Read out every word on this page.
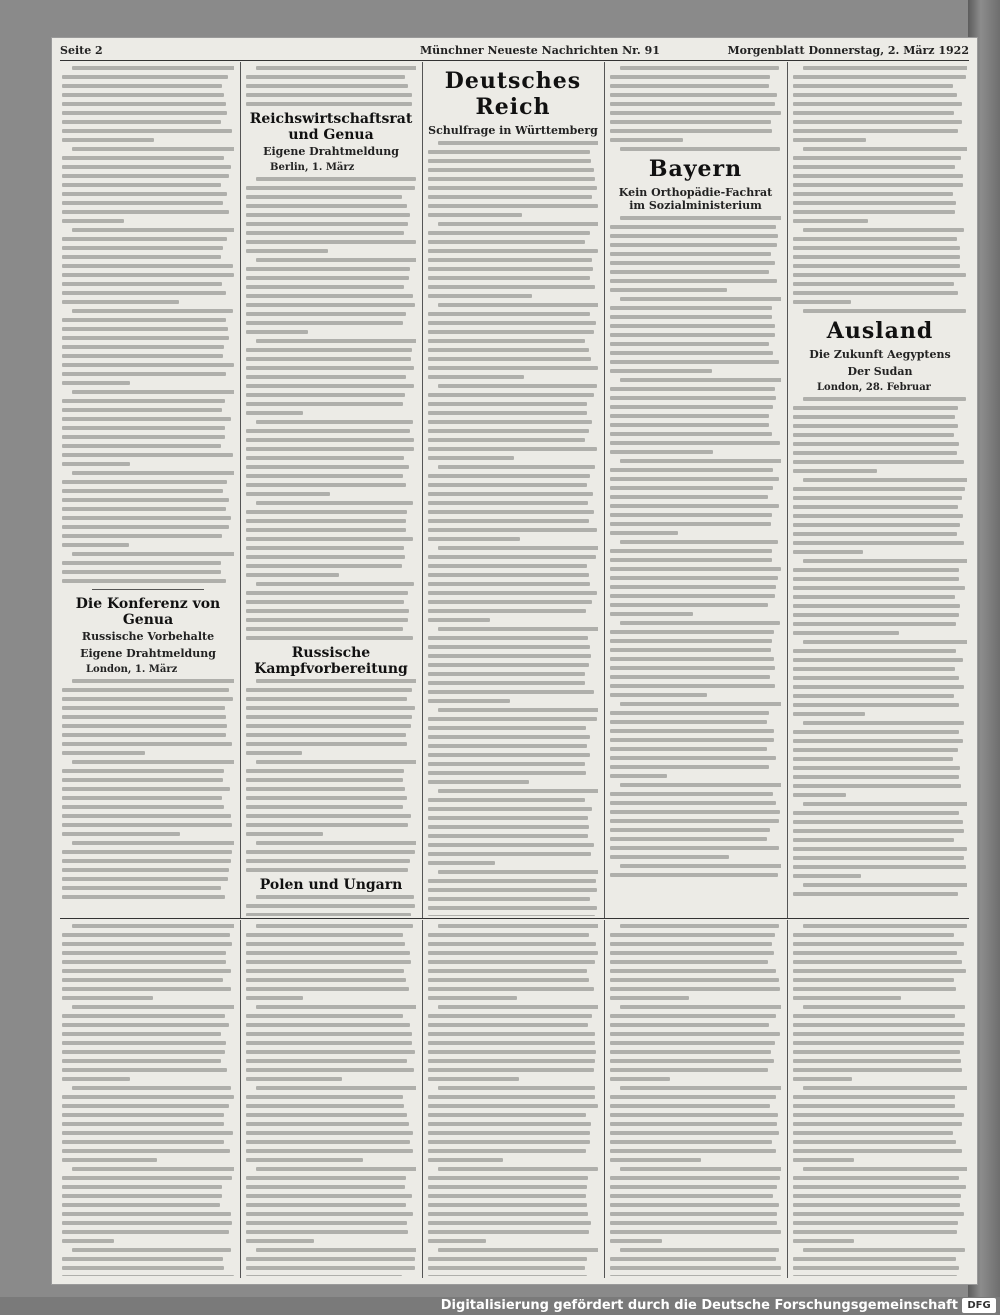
Seite 2	Münchner Neueste Nachrichten Nr. 91	Morgenblatt Donnerstag, 2. März 1922
Die Konferenz von Genua
Russische Vorbehalte
Eigene Drahtmeldung
London, 1. März
Reichswirtschaftsrat und Genua
Eigene Drahtmeldung
Berlin, 1. März
Russische Kampfvorbereitung
Polen und Ungarn
Deutsches Reich
Schulfrage in Württemberg
Bayern
Kein Orthopädie-Fachrat im Sozialministerium
Ausland
Die Zukunft Aegyptens
Der Sudan
London, 28. Februar
Digitalisierung gefördert durch die Deutsche Forschungsgemeinschaft DFG
